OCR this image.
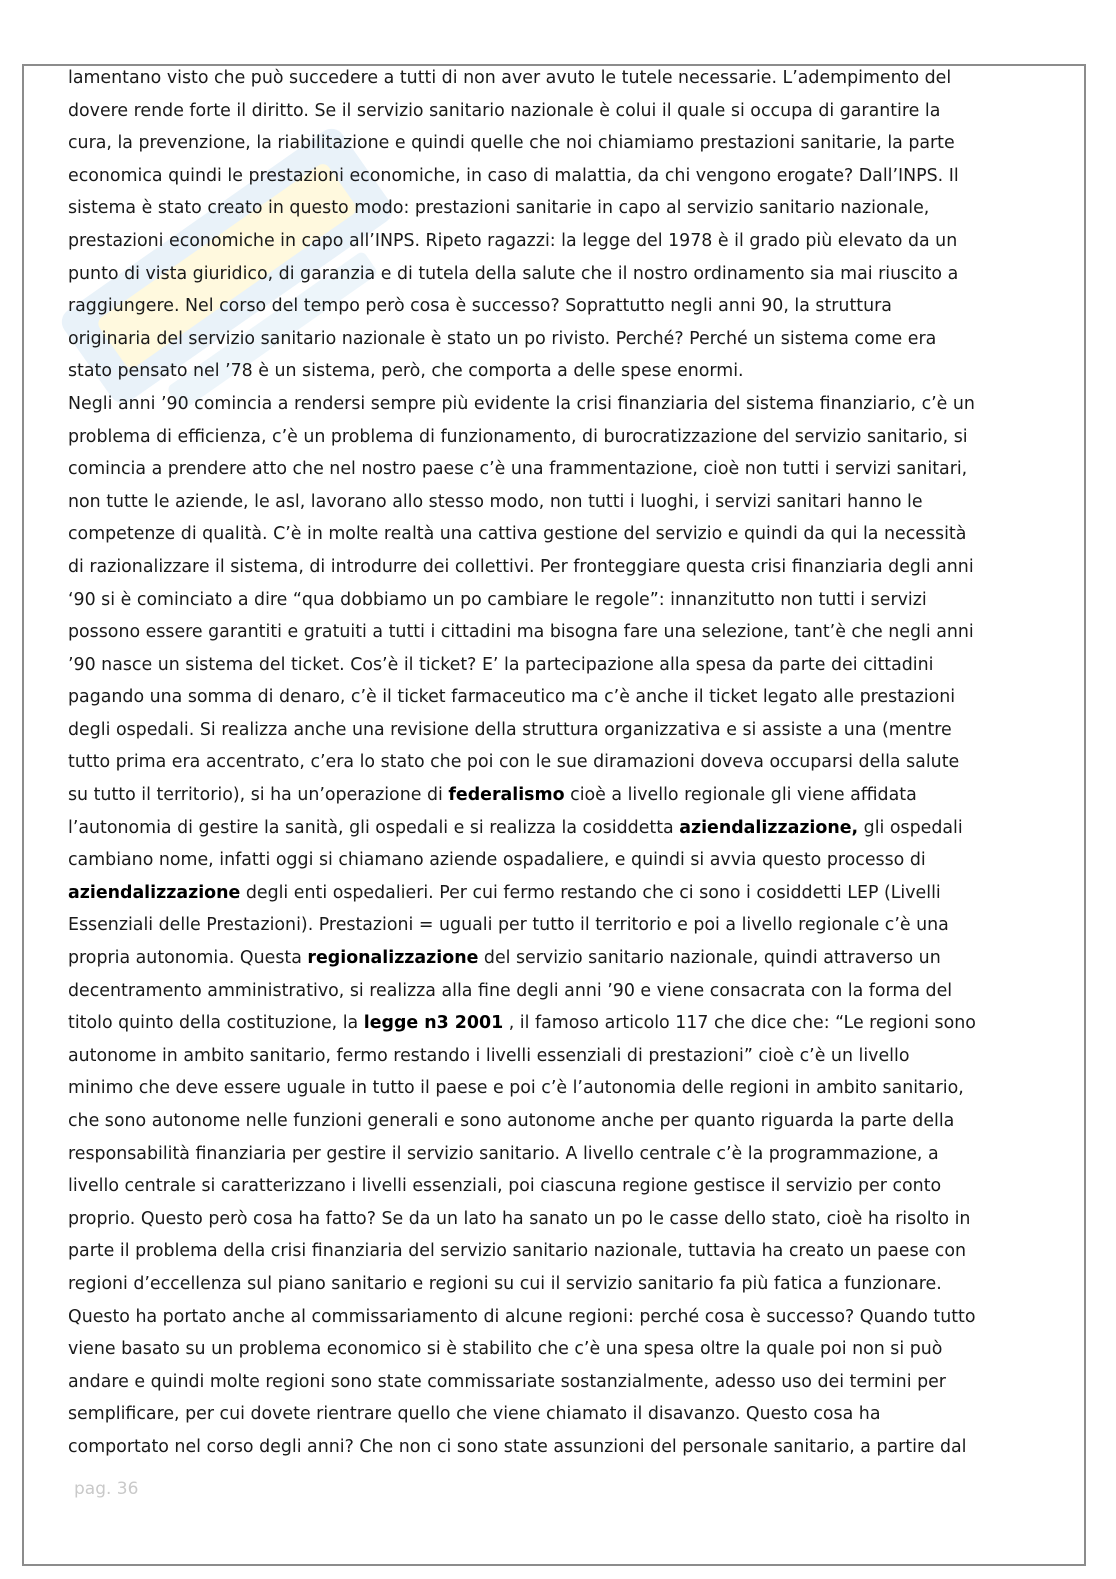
lamentano visto che può succedere a tutti di non aver avuto le tutele necessarie. L’adempimento del
dovere rende forte il diritto. Se il servizio sanitario nazionale è colui il quale si occupa di garantire la
cura, la prevenzione, la riabilitazione e quindi quelle che noi chiamiamo prestazioni sanitarie, la parte
economica quindi le prestazioni economiche, in caso di malattia, da chi vengono erogate? Dall’INPS. Il
sistema è stato creato in questo modo: prestazioni sanitarie in capo al servizio sanitario nazionale,
prestazioni economiche in capo all’INPS. Ripeto ragazzi: la legge del 1978 è il grado più elevato da un
punto di vista giuridico, di garanzia e di tutela della salute che il nostro ordinamento sia mai riuscito a
raggiungere. Nel corso del tempo però cosa è successo? Soprattutto negli anni 90, la struttura
originaria del servizio sanitario nazionale è stato un po rivisto. Perché? Perché un sistema come era
stato pensato nel ’78 è un sistema, però, che comporta a delle spese enormi.
Negli anni ’90 comincia a rendersi sempre più evidente la crisi finanziaria del sistema finanziario, c’è un
problema di efficienza, c’è un problema di funzionamento, di burocratizzazione del servizio sanitario, si
comincia a prendere atto che nel nostro paese c’è una frammentazione, cioè non tutti i servizi sanitari,
non tutte le aziende, le asl, lavorano allo stesso modo, non tutti i luoghi, i servizi sanitari hanno le
competenze di qualità. C’è in molte realtà una cattiva gestione del servizio e quindi da qui la necessità
di razionalizzare il sistema, di introdurre dei collettivi. Per fronteggiare questa crisi finanziaria degli anni
‘90 si è cominciato a dire “qua dobbiamo un po cambiare le regole”: innanzitutto non tutti i servizi
possono essere garantiti e gratuiti a tutti i cittadini ma bisogna fare una selezione, tant’è che negli anni
’90 nasce un sistema del ticket. Cos’è il ticket? E’ la partecipazione alla spesa da parte dei cittadini
pagando una somma di denaro, c’è il ticket farmaceutico ma c’è anche il ticket legato alle prestazioni
degli ospedali. Si realizza anche una revisione della struttura organizzativa e si assiste a una (mentre
tutto prima era accentrato, c’era lo stato che poi con le sue diramazioni doveva occuparsi della salute
su tutto il territorio), si ha un’operazione di federalismo cioè a livello regionale gli viene affidata
l’autonomia di gestire la sanità, gli ospedali e si realizza la cosiddetta aziendalizzazione, gli ospedali
cambiano nome, infatti oggi si chiamano aziende ospadaliere, e quindi si avvia questo processo di
aziendalizzazione degli enti ospedalieri. Per cui fermo restando che ci sono i cosiddetti LEP (Livelli
Essenziali delle Prestazioni). Prestazioni = uguali per tutto il territorio e poi a livello regionale c’è una
propria autonomia. Questa regionalizzazione del servizio sanitario nazionale, quindi attraverso un
decentramento amministrativo, si realizza alla fine degli anni ’90 e viene consacrata con la forma del
titolo quinto della costituzione, la legge n3 2001 , il famoso articolo 117 che dice che: “Le regioni sono
autonome in ambito sanitario, fermo restando i livelli essenziali di prestazioni” cioè c’è un livello
minimo che deve essere uguale in tutto il paese e poi c’è l’autonomia delle regioni in ambito sanitario,
che sono autonome nelle funzioni generali e sono autonome anche per quanto riguarda la parte della
responsabilità finanziaria per gestire il servizio sanitario. A livello centrale c’è la programmazione, a
livello centrale si caratterizzano i livelli essenziali, poi ciascuna regione gestisce il servizio per conto
proprio. Questo però cosa ha fatto? Se da un lato ha sanato un po le casse dello stato, cioè ha risolto in
parte il problema della crisi finanziaria del servizio sanitario nazionale, tuttavia ha creato un paese con
regioni d’eccellenza sul piano sanitario e regioni su cui il servizio sanitario fa più fatica a funzionare.
Questo ha portato anche al commissariamento di alcune regioni: perché cosa è successo? Quando tutto
viene basato su un problema economico si è stabilito che c’è una spesa oltre la quale poi non si può
andare e quindi molte regioni sono state commissariate sostanzialmente, adesso uso dei termini per
semplificare, per cui dovete rientrare quello che viene chiamato il disavanzo. Questo cosa ha
comportato nel corso degli anni? Che non ci sono state assunzioni del personale sanitario, a partire dal
pag. 36
